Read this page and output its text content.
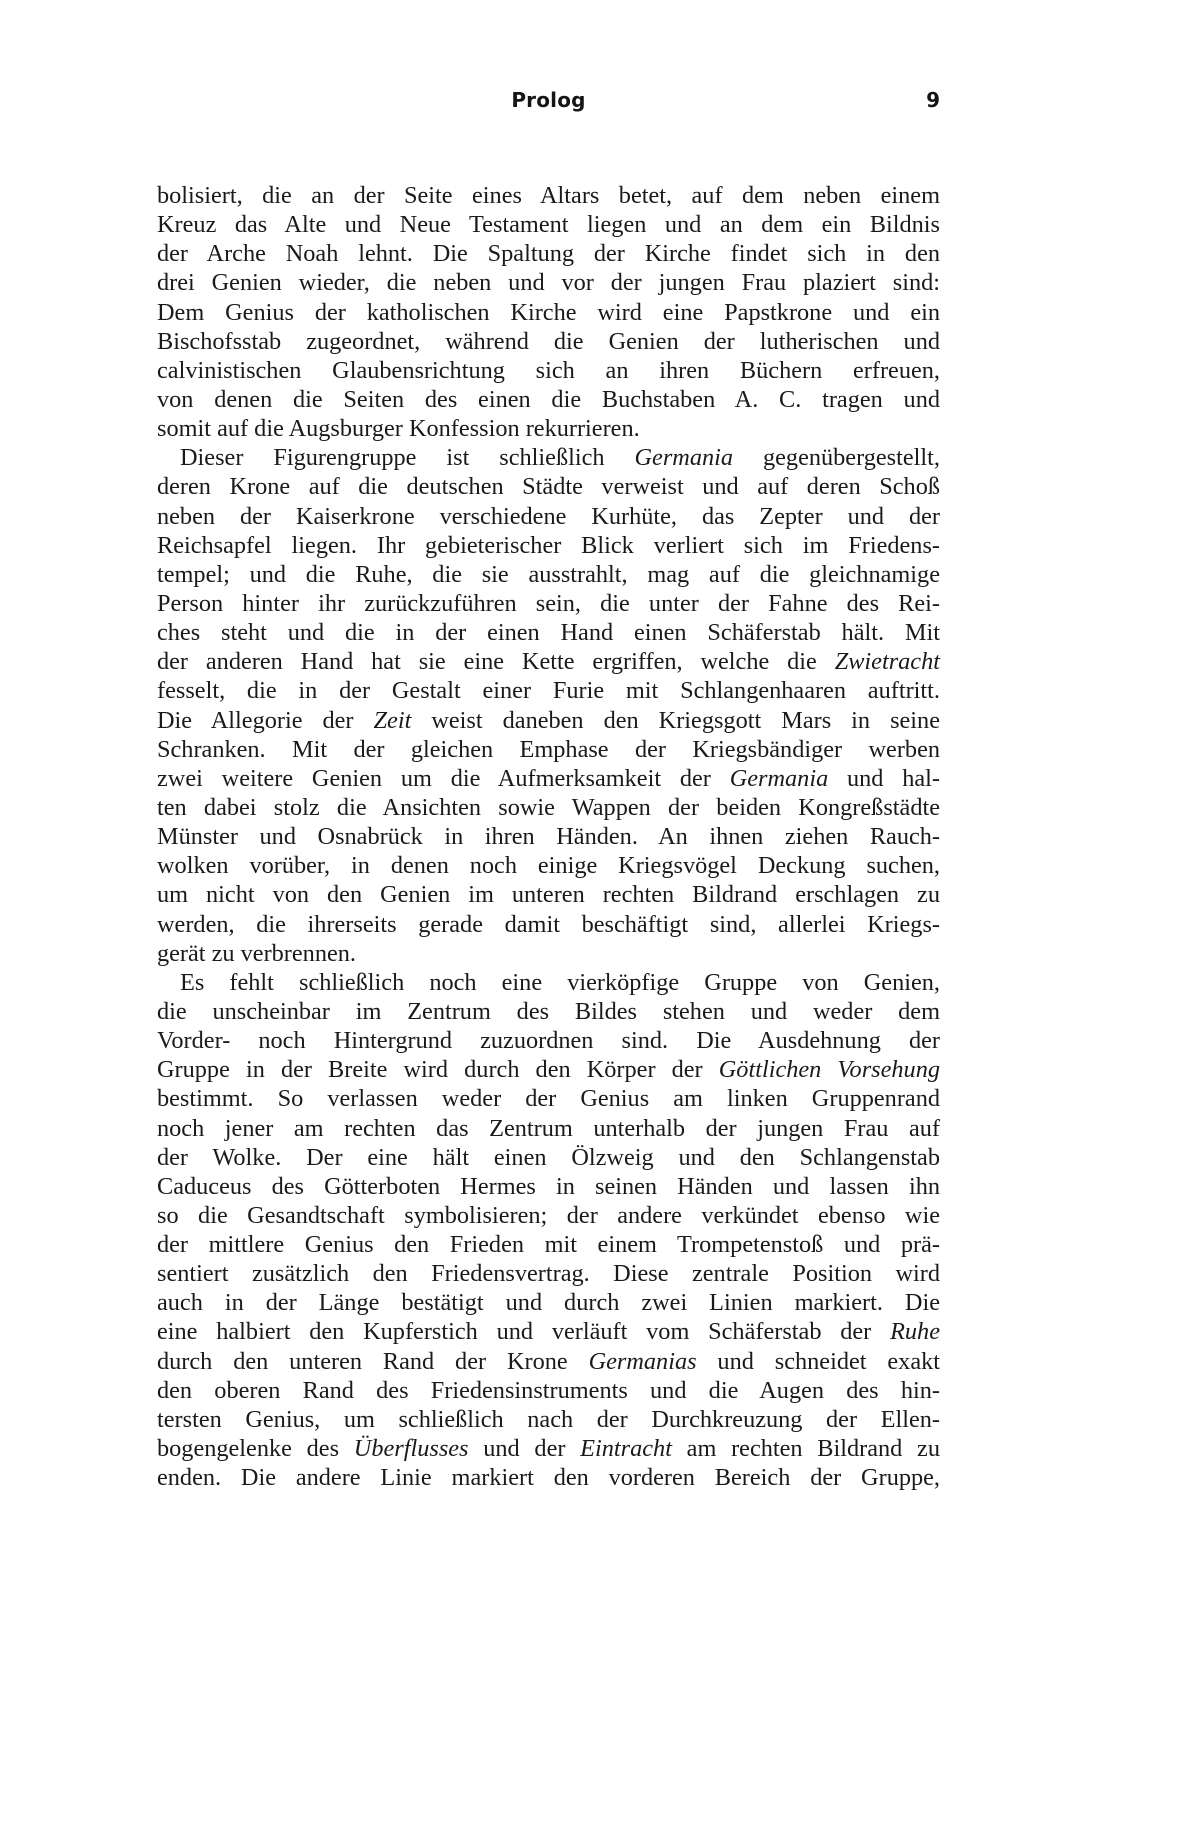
Prolog	9
bolisiert, die an der Seite eines Altars betet, auf dem neben einem
Kreuz das Alte und Neue Testament liegen und an dem ein Bildnis
der Arche Noah lehnt. Die Spaltung der Kirche findet sich in den
drei Genien wieder, die neben und vor der jungen Frau plaziert sind:
Dem Genius der katholischen Kirche wird eine Papstkrone und ein
Bischofsstab zugeordnet, während die Genien der lutherischen und
calvinistischen Glaubensrichtung sich an ihren Büchern erfreuen,
von denen die Seiten des einen die Buchstaben A. C. tragen und
somit auf die Augsburger Konfession rekurrieren.
Dieser Figurengruppe ist schließlich Germania gegenübergestellt,
deren Krone auf die deutschen Städte verweist und auf deren Schoß
neben der Kaiserkrone verschiedene Kurhüte, das Zepter und der
Reichsapfel liegen. Ihr gebieterischer Blick verliert sich im Friedens-
tempel; und die Ruhe, die sie ausstrahlt, mag auf die gleichnamige
Person hinter ihr zurückzuführen sein, die unter der Fahne des Rei-
ches steht und die in der einen Hand einen Schäferstab hält. Mit
der anderen Hand hat sie eine Kette ergriffen, welche die Zwietracht
fesselt, die in der Gestalt einer Furie mit Schlangenhaaren auftritt.
Die Allegorie der Zeit weist daneben den Kriegsgott Mars in seine
Schranken. Mit der gleichen Emphase der Kriegsbändiger werben
zwei weitere Genien um die Aufmerksamkeit der Germania und hal-
ten dabei stolz die Ansichten sowie Wappen der beiden Kongreßstädte
Münster und Osnabrück in ihren Händen. An ihnen ziehen Rauch-
wolken vorüber, in denen noch einige Kriegsvögel Deckung suchen,
um nicht von den Genien im unteren rechten Bildrand erschlagen zu
werden, die ihrerseits gerade damit beschäftigt sind, allerlei Kriegs-
gerät zu verbrennen.
Es fehlt schließlich noch eine vierköpfige Gruppe von Genien,
die unscheinbar im Zentrum des Bildes stehen und weder dem
Vorder- noch Hintergrund zuzuordnen sind. Die Ausdehnung der
Gruppe in der Breite wird durch den Körper der Göttlichen Vorsehung
bestimmt. So verlassen weder der Genius am linken Gruppenrand
noch jener am rechten das Zentrum unterhalb der jungen Frau auf
der Wolke. Der eine hält einen Ölzweig und den Schlangenstab
Caduceus des Götterboten Hermes in seinen Händen und lassen ihn
so die Gesandtschaft symbolisieren; der andere verkündet ebenso wie
der mittlere Genius den Frieden mit einem Trompetenstoß und prä-
sentiert zusätzlich den Friedensvertrag. Diese zentrale Position wird
auch in der Länge bestätigt und durch zwei Linien markiert. Die
eine halbiert den Kupferstich und verläuft vom Schäferstab der Ruhe
durch den unteren Rand der Krone Germanias und schneidet exakt
den oberen Rand des Friedensinstruments und die Augen des hin-
tersten Genius, um schließlich nach der Durchkreuzung der Ellen-
bogengelenke des Überflusses und der Eintracht am rechten Bildrand zu
enden. Die andere Linie markiert den vorderen Bereich der Gruppe,
